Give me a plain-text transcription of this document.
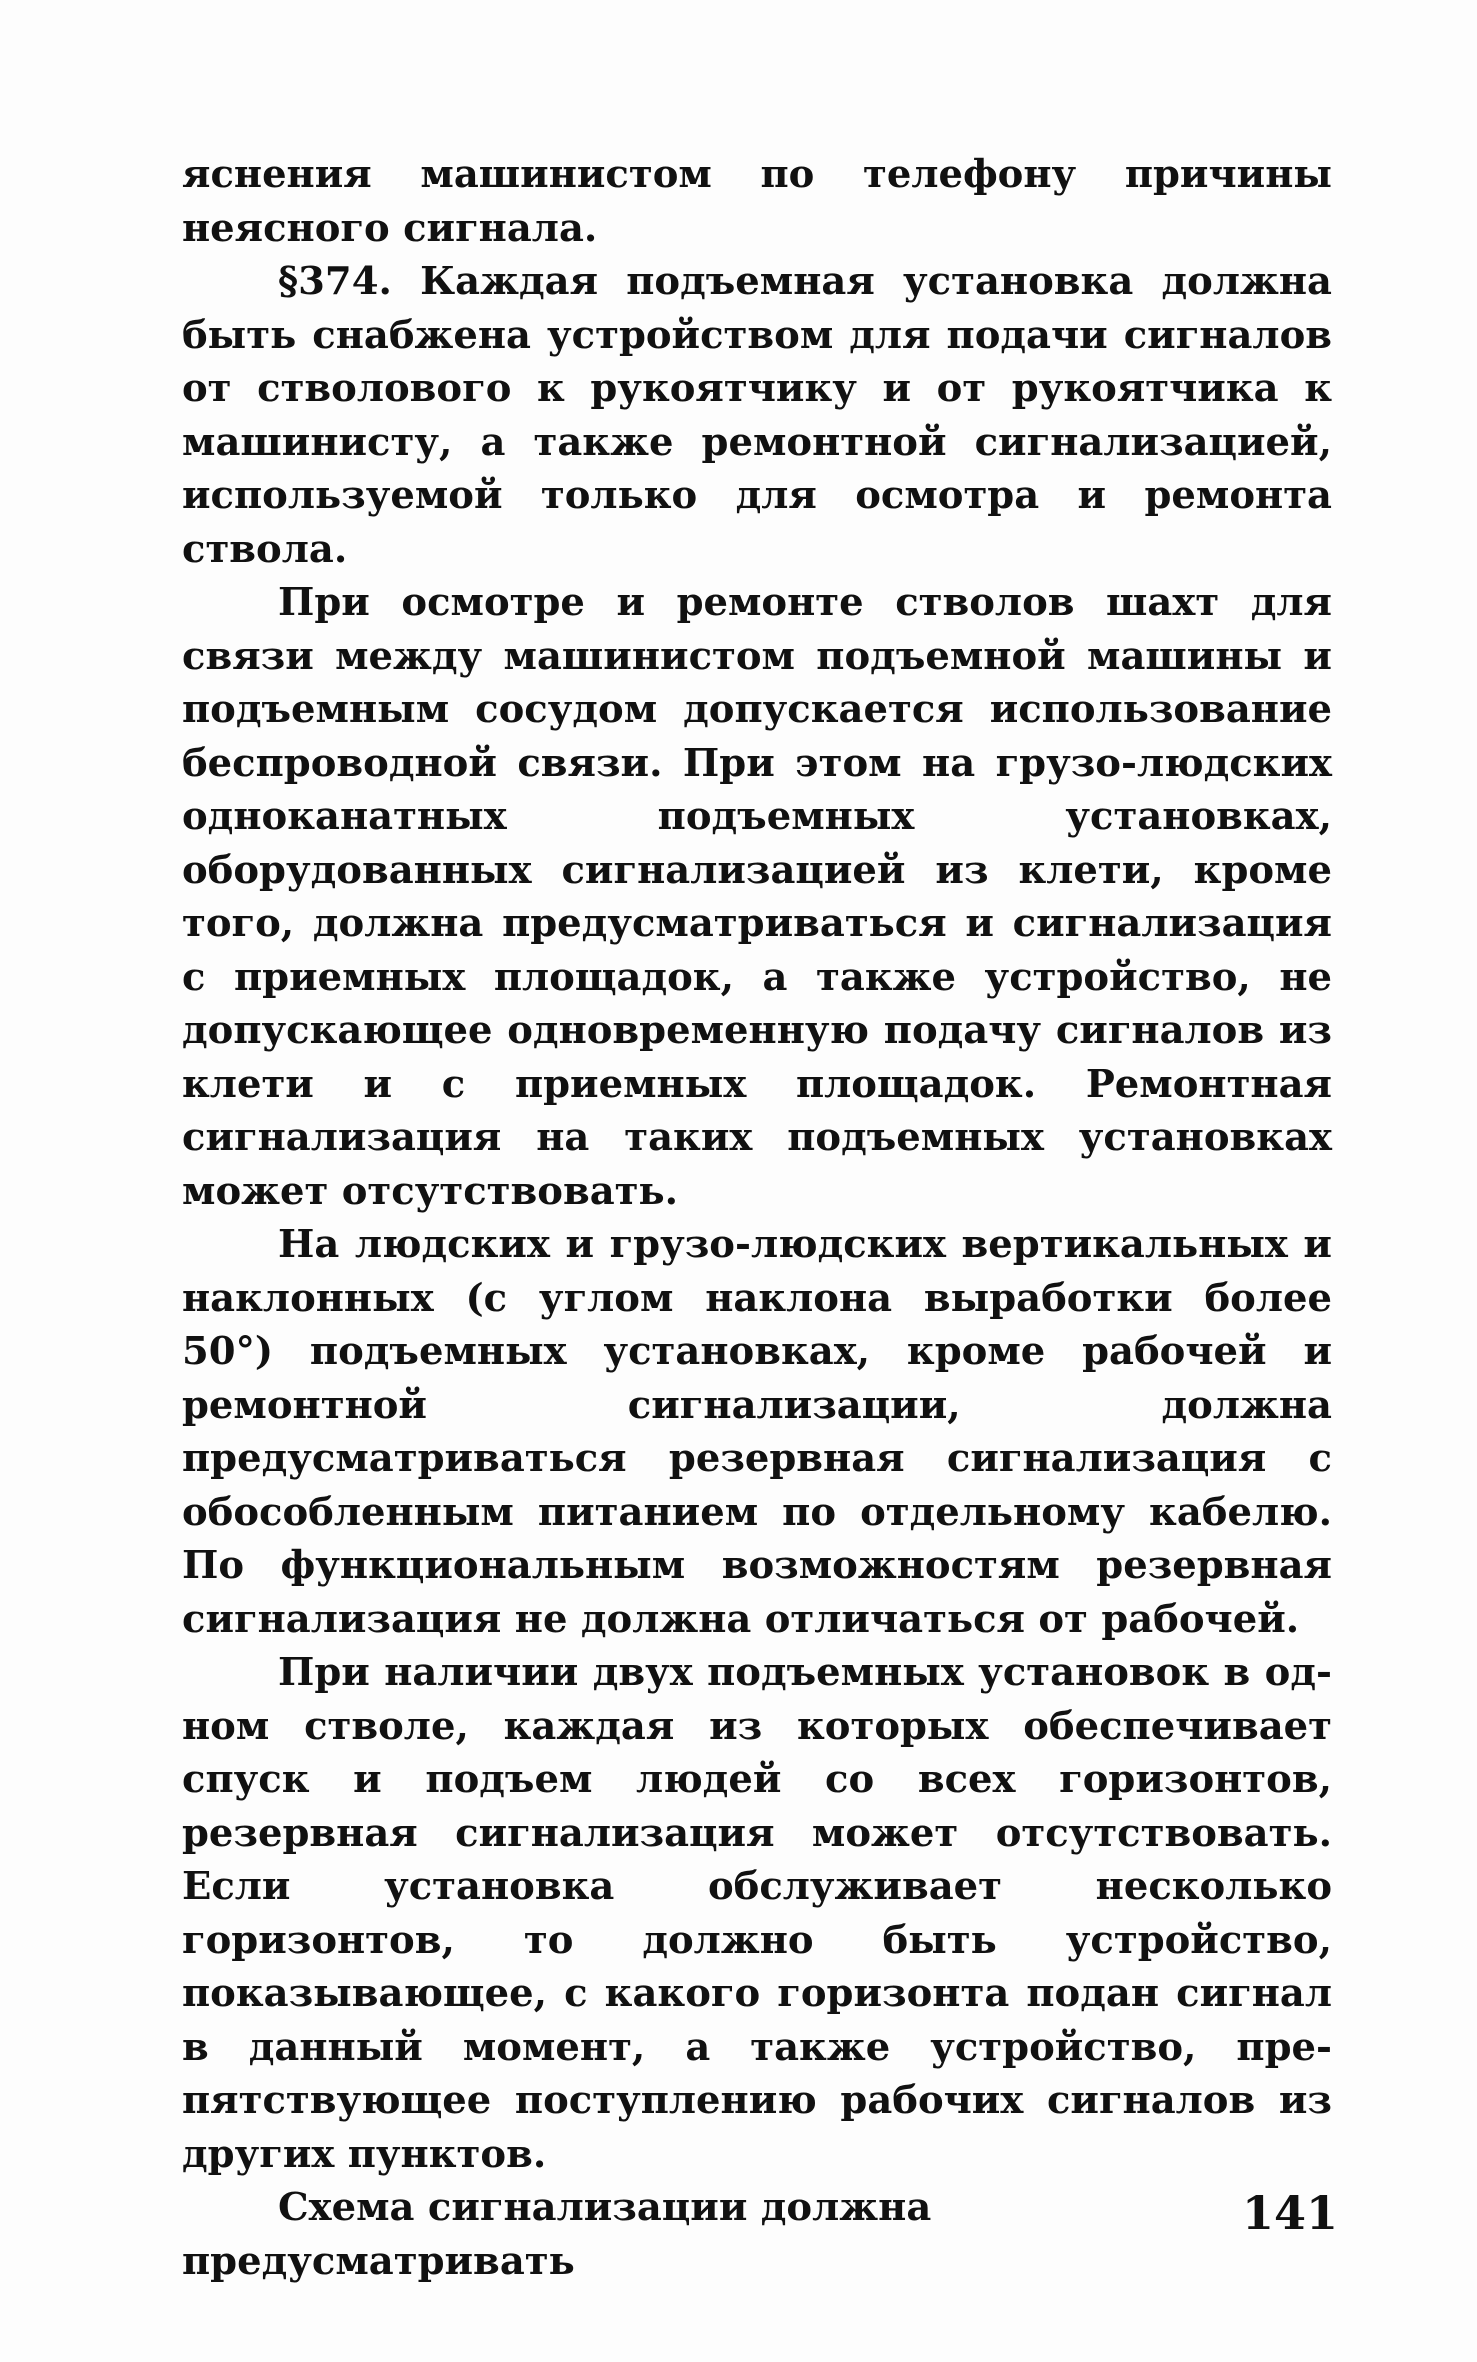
яснения машинистом по телефону причины неясного сигнала.

§374. Каждая подъемная установка должна быть снабжена устройством для подачи сигналов от стволового к рукоятчику и от рукоятчика к машинисту, а также ремонтной сигнализацией, используемой только для осмотра и ремонта ствола.

При осмотре и ремонте стволов шахт для связи между машинистом подъемной машины и подъемным сосудом допускается использование беспроводной связи. При этом на грузо-людских одноканатных подъемных установках, оборудованных сигнализацией из клети, кроме того, должна предусматриваться и сигнализация с приемных площадок, а также устройство, не допускающее одновременную подачу сигналов из клети и с приемных площадок. Ремонтная сигнализация на таких подъемных установках может отсутствовать.

На людских и грузо-людских вертикальных и наклонных (с углом наклона выработки более 50°) подъемных установках, кроме рабочей и ремонтной сигнализации, должна предусматриваться резервная сигнализация с обособленным питанием по отдельному кабелю. По функциональным возможностям резервная сигнализация не должна отличаться от рабочей.

При наличии двух подъемных установок в одном стволе, каждая из которых обеспечивает спуск и подъем людей со всех горизонтов, резервная сигнализация может отсутствовать. Если установка обслуживает несколько горизонтов, то должно быть устройство, показывающее, с какого горизонта подан сигнал в данный момент, а также устройство, препятствующее поступлению рабочих сигналов из других пунктов.

Схема сигнализации должна предусматривать

141
